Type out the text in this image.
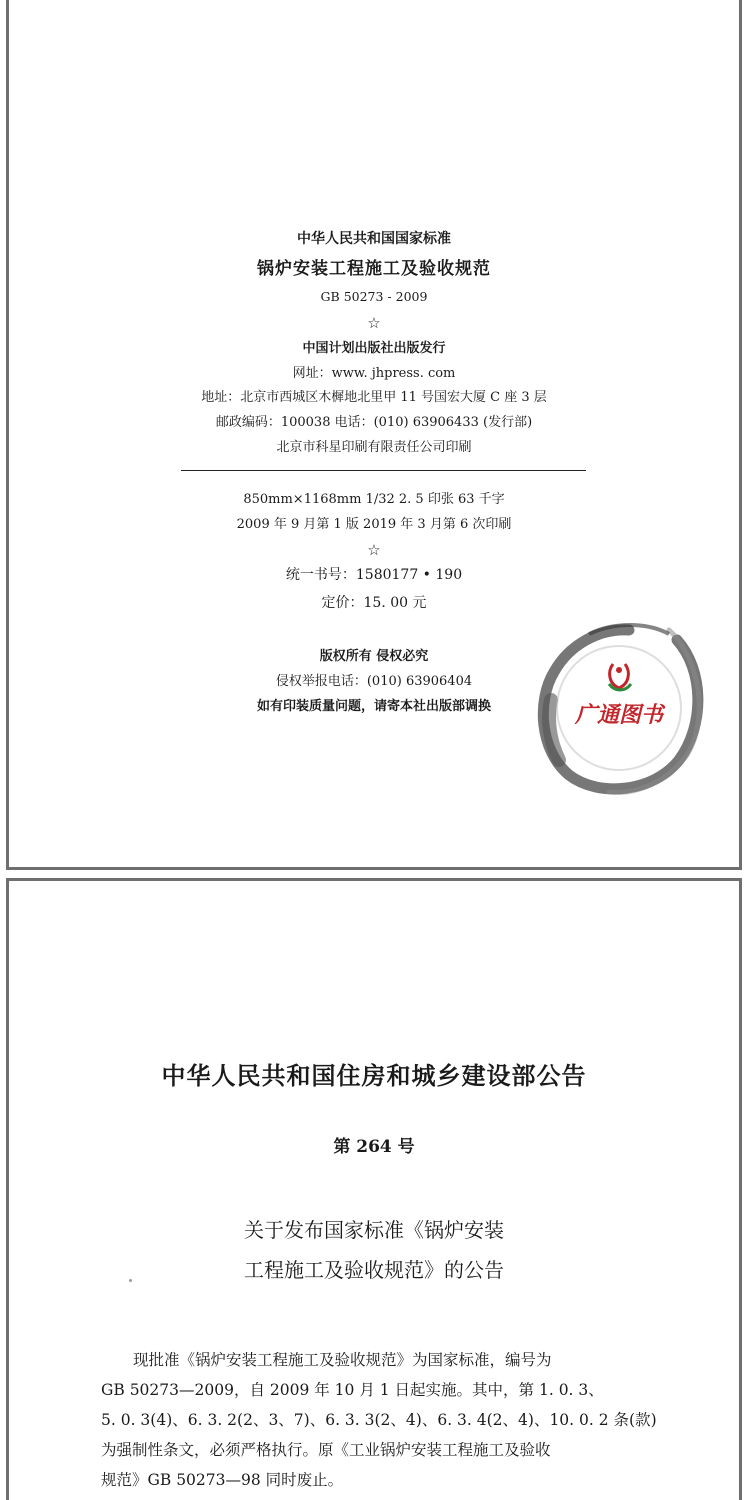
中华人民共和国国家标准
锅炉安装工程施工及验收规范
GB 50273 - 2009
☆
中国计划出版社出版发行
网址：www. jhpress. com
地址：北京市西城区木樨地北里甲 11 号国宏大厦 C 座 3 层
邮政编码：100038 电话：(010) 63906433 (发行部)
北京市科星印刷有限责任公司印刷
850mm×1168mm 1/32 2. 5 印张 63 千字
2009 年 9 月第 1 版 2019 年 3 月第 6 次印刷
☆
统一书号：1580177 • 190
定价：15. 00 元
版权所有 侵权必究
侵权举报电话：(010) 63906404
如有印装质量问题，请寄本社出版部调换	广通图书
中华人民共和国住房和城乡建设部公告
第 264 号
关于发布国家标准《锅炉安装
工程施工及验收规范》的公告
现批准《锅炉安装工程施工及验收规范》为国家标准，编号为
GB 50273—2009，自 2009 年 10 月 1 日起实施。其中，第 1. 0. 3、
5. 0. 3(4)、6. 3. 2(2、3、7)、6. 3. 3(2、4)、6. 3. 4(2、4)、10. 0. 2 条(款)
为强制性条文，必须严格执行。原《工业锅炉安装工程施工及验收
规范》GB 50273—98 同时废止。
